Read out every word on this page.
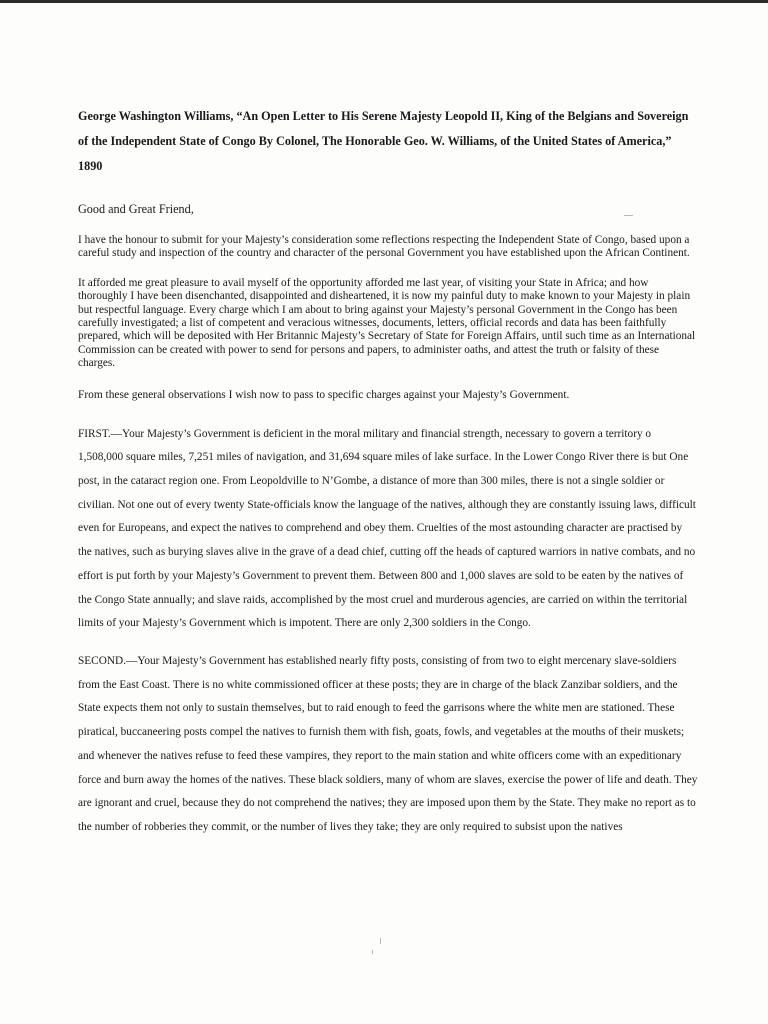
George Washington Williams, “An Open Letter to His Serene Majesty Leopold II, King of the Belgians and Sovereign of the Independent State of Congo By Colonel, The Honorable Geo. W. Williams, of the United States of America,” 1890

Good and Great Friend,

I have the honour to submit for your Majesty’s consideration some reflections respecting the Independent State of Congo, based upon a careful study and inspection of the country and character of the personal Government you have established upon the African Continent.

It afforded me great pleasure to avail myself of the opportunity afforded me last year, of visiting your State in Africa; and how thoroughly I have been disenchanted, disappointed and disheartened, it is now my painful duty to make known to your Majesty in plain but respectful language. Every charge which I am about to bring against your Majesty’s personal Government in the Congo has been carefully investigated; a list of competent and veracious witnesses, documents, letters, official records and data has been faithfully prepared, which will be deposited with Her Britannic Majesty’s Secretary of State for Foreign Affairs, until such time as an International Commission can be created with power to send for persons and papers, to administer oaths, and attest the truth or falsity of these charges.

From these general observations I wish now to pass to specific charges against your Majesty’s Government.

FIRST.—Your Majesty’s Government is deficient in the moral military and financial strength, necessary to govern a territory o 1,508,000 square miles, 7,251 miles of navigation, and 31,694 square miles of lake surface. In the Lower Congo River there is but One post, in the cataract region one. From Leopoldville to N’Gombe, a distance of more than 300 miles, there is not a single soldier or civilian. Not one out of every twenty State-officials know the language of the natives, although they are constantly issuing laws, difficult even for Europeans, and expect the natives to comprehend and obey them. Cruelties of the most astounding character are practised by the natives, such as burying slaves alive in the grave of a dead chief, cutting off the heads of captured warriors in native combats, and no effort is put forth by your Majesty’s Government to prevent them. Between 800 and 1,000 slaves are sold to be eaten by the natives of the Congo State annually; and slave raids, accomplished by the most cruel and murderous agencies, are carried on within the territorial limits of your Majesty’s Government which is impotent. There are only 2,300 soldiers in the Congo.

SECOND.—Your Majesty’s Government has established nearly fifty posts, consisting of from two to eight mercenary slave-soldiers from the East Coast. There is no white commissioned officer at these posts; they are in charge of the black Zanzibar soldiers, and the State expects them not only to sustain themselves, but to raid enough to feed the garrisons where the white men are stationed. These piratical, buccaneering posts compel the natives to furnish them with fish, goats, fowls, and vegetables at the mouths of their muskets; and whenever the natives refuse to feed these vampires, they report to the main station and white officers come with an expeditionary force and burn away the homes of the natives. These black soldiers, many of whom are slaves, exercise the power of life and death. They are ignorant and cruel, because they do not comprehend the natives; they are imposed upon them by the State. They make no report as to the number of robberies they commit, or the number of lives they take; they are only required to subsist upon the natives
